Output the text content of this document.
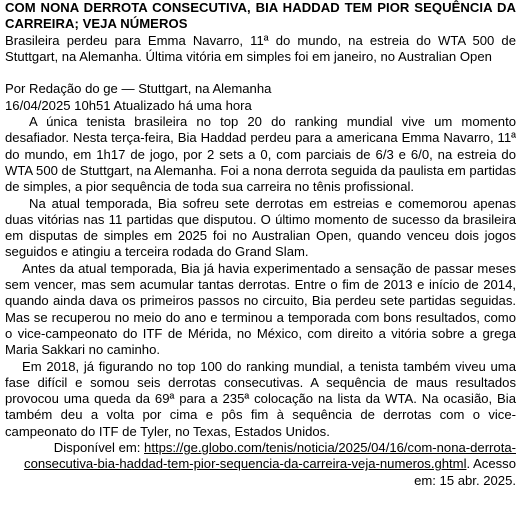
COM NONA DERROTA CONSECUTIVA, BIA HADDAD TEM PIOR SEQUÊNCIA DA CARREIRA; VEJA NÚMEROS

Brasileira perdeu para Emma Navarro, 11ª do mundo, na estreia do WTA 500 de Stuttgart, na Alemanha. Última vitória em simples foi em janeiro, no Australian Open

Por Redação do ge — Stuttgart, na Alemanha

16/04/2025 10h51 Atualizado há uma hora

A única tenista brasileira no top 20 do ranking mundial vive um momento desafiador. Nesta terça-feira, Bia Haddad perdeu para a americana Emma Navarro, 11ª do mundo, em 1h17 de jogo, por 2 sets a 0, com parciais de 6/3 e 6/0, na estreia do WTA 500 de Stuttgart, na Alemanha. Foi a nona derrota seguida da paulista em partidas de simples, a pior sequência de toda sua carreira no tênis profissional.

Na atual temporada, Bia sofreu sete derrotas em estreias e comemorou apenas duas vitórias nas 11 partidas que disputou. O último momento de sucesso da brasileira em disputas de simples em 2025 foi no Australian Open, quando venceu dois jogos seguidos e atingiu a terceira rodada do Grand Slam.

Antes da atual temporada, Bia já havia experimentado a sensação de passar meses sem vencer, mas sem acumular tantas derrotas. Entre o fim de 2013 e início de 2014, quando ainda dava os primeiros passos no circuito, Bia perdeu sete partidas seguidas. Mas se recuperou no meio do ano e terminou a temporada com bons resultados, como o vice-campeonato do ITF de Mérida, no México, com direito a vitória sobre a grega Maria Sakkari no caminho.

Em 2018, já figurando no top 100 do ranking mundial, a tenista também viveu uma fase difícil e somou seis derrotas consecutivas. A sequência de maus resultados provocou uma queda da 69ª para a 235ª colocação na lista da WTA. Na ocasião, Bia também deu a volta por cima e pôs fim à sequência de derrotas com o vice-campeonato do ITF de Tyler, no Texas, Estados Unidos.

Disponível em: https://ge.globo.com/tenis/noticia/2025/04/16/com-nona-derrota-consecutiva-bia-haddad-tem-pior-sequencia-da-carreira-veja-numeros.ghtml. Acesso em: 15 abr. 2025.
